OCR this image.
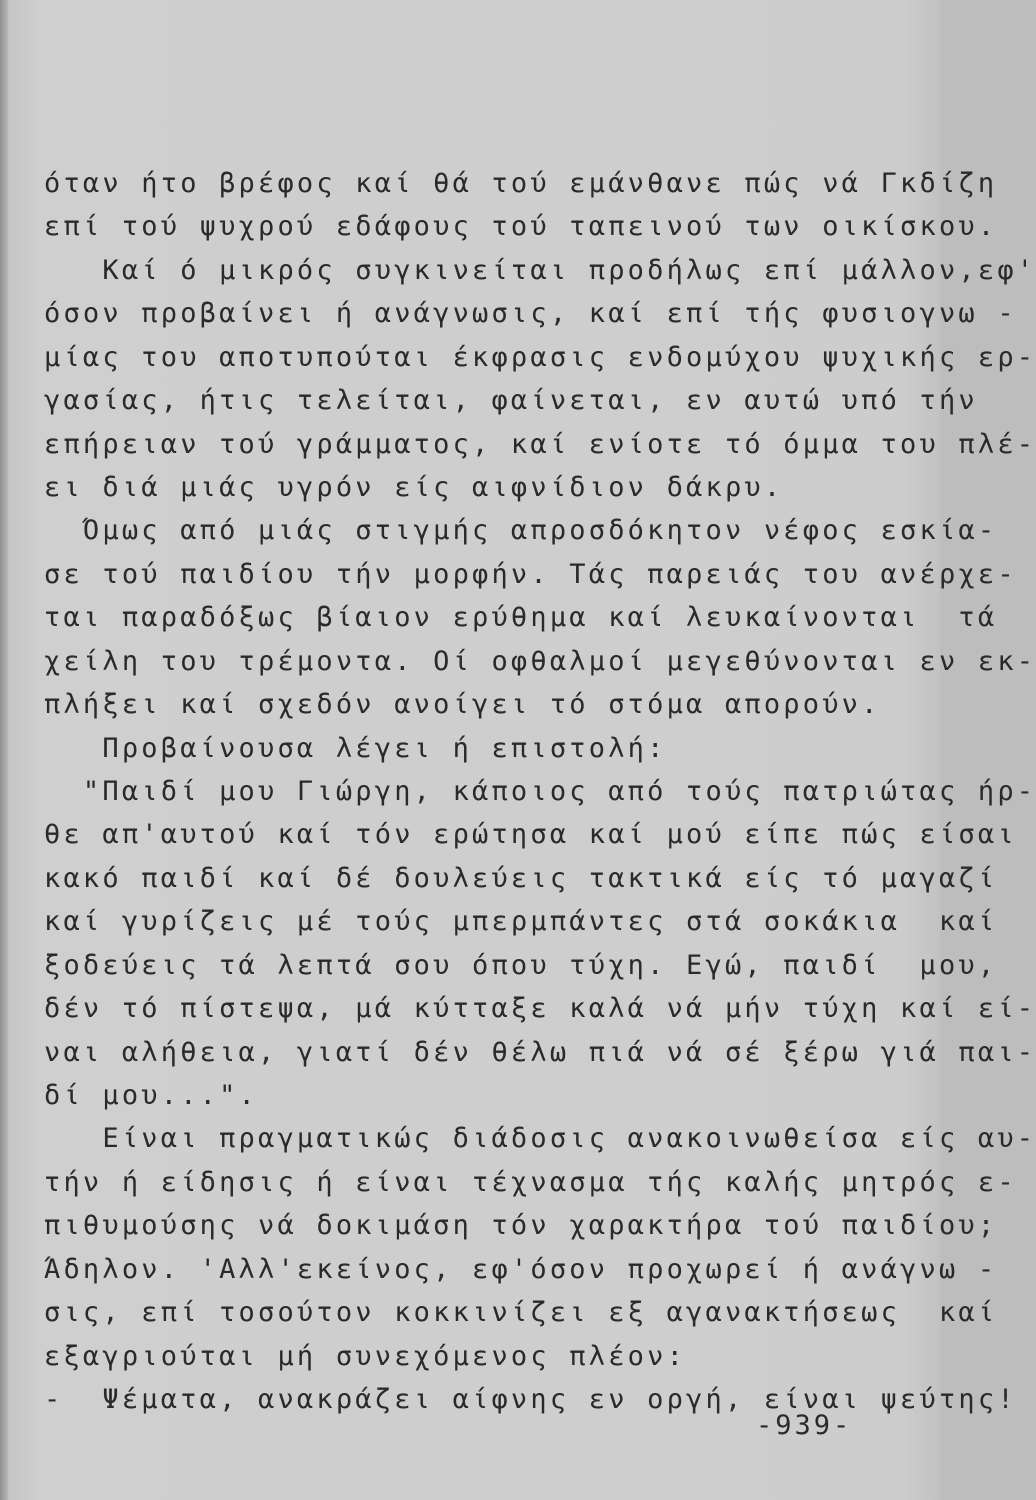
όταν ήτο βρέφος καί θά τού εμάνθανε πώς νά Γκδίζη
επί τού ψυχρού εδάφους τού ταπεινού των οικίσκου.
Καί ό μικρός συγκινείται προδήλως επί μάλλον,εφ'
όσον προβαίνει ή ανάγνωσις, καί επί τής φυσιογνω -
μίας του αποτυπούται έκφρασις ενδομύχου ψυχικής ερ-
γασίας, ήτις τελείται, φαίνεται, εν αυτώ υπό τήν
επήρειαν τού γράμματος, καί ενίοτε τό όμμα του πλέ-
ει διά μιάς υγρόν είς αιφνίδιον δάκρυ.
Όμως από μιάς στιγμής απροσδόκητον νέφος εσκία-
σε τού παιδίου τήν μορφήν. Τάς παρειάς του ανέρχε-
ται παραδόξως βίαιον ερύθημα καί λευκαίνονται  τά
χείλη του τρέμοντα. Οί οφθαλμοί μεγεθύνονται εν εκ-
πλήξει καί σχεδόν ανοίγει τό στόμα απορούν.
Προβαίνουσα λέγει ή επιστολή:
"Παιδί μου Γιώργη, κάποιος από τούς πατριώτας ήρ-
θε απ'αυτού καί τόν ερώτησα καί μού είπε πώς είσαι
κακό παιδί καί δέ δουλεύεις τακτικά είς τό μαγαζί
καί γυρίζεις μέ τούς μπερμπάντες στά σοκάκια  καί
ξοδεύεις τά λεπτά σου όπου τύχη. Εγώ, παιδί  μου,
δέν τό πίστεψα, μά κύτταξε καλά νά μήν τύχη καί εί-
ναι αλήθεια, γιατί δέν θέλω πιά νά σέ ξέρω γιά παι-
δί μου...".
Είναι πραγματικώς διάδοσις ανακοινωθείσα είς αυ-
τήν ή είδησις ή είναι τέχνασμα τής καλής μητρός ε-
πιθυμούσης νά δοκιμάση τόν χαρακτήρα τού παιδίου;
Άδηλον. 'Αλλ'εκείνος, εφ'όσον προχωρεί ή ανάγνω -
σις, επί τοσούτον κοκκινίζει εξ αγανακτήσεως  καί
εξαγριούται μή συνεχόμενος πλέον:
-  Ψέματα, ανακράζει αίφνης εν οργή, είναι ψεύτης!
-939-
